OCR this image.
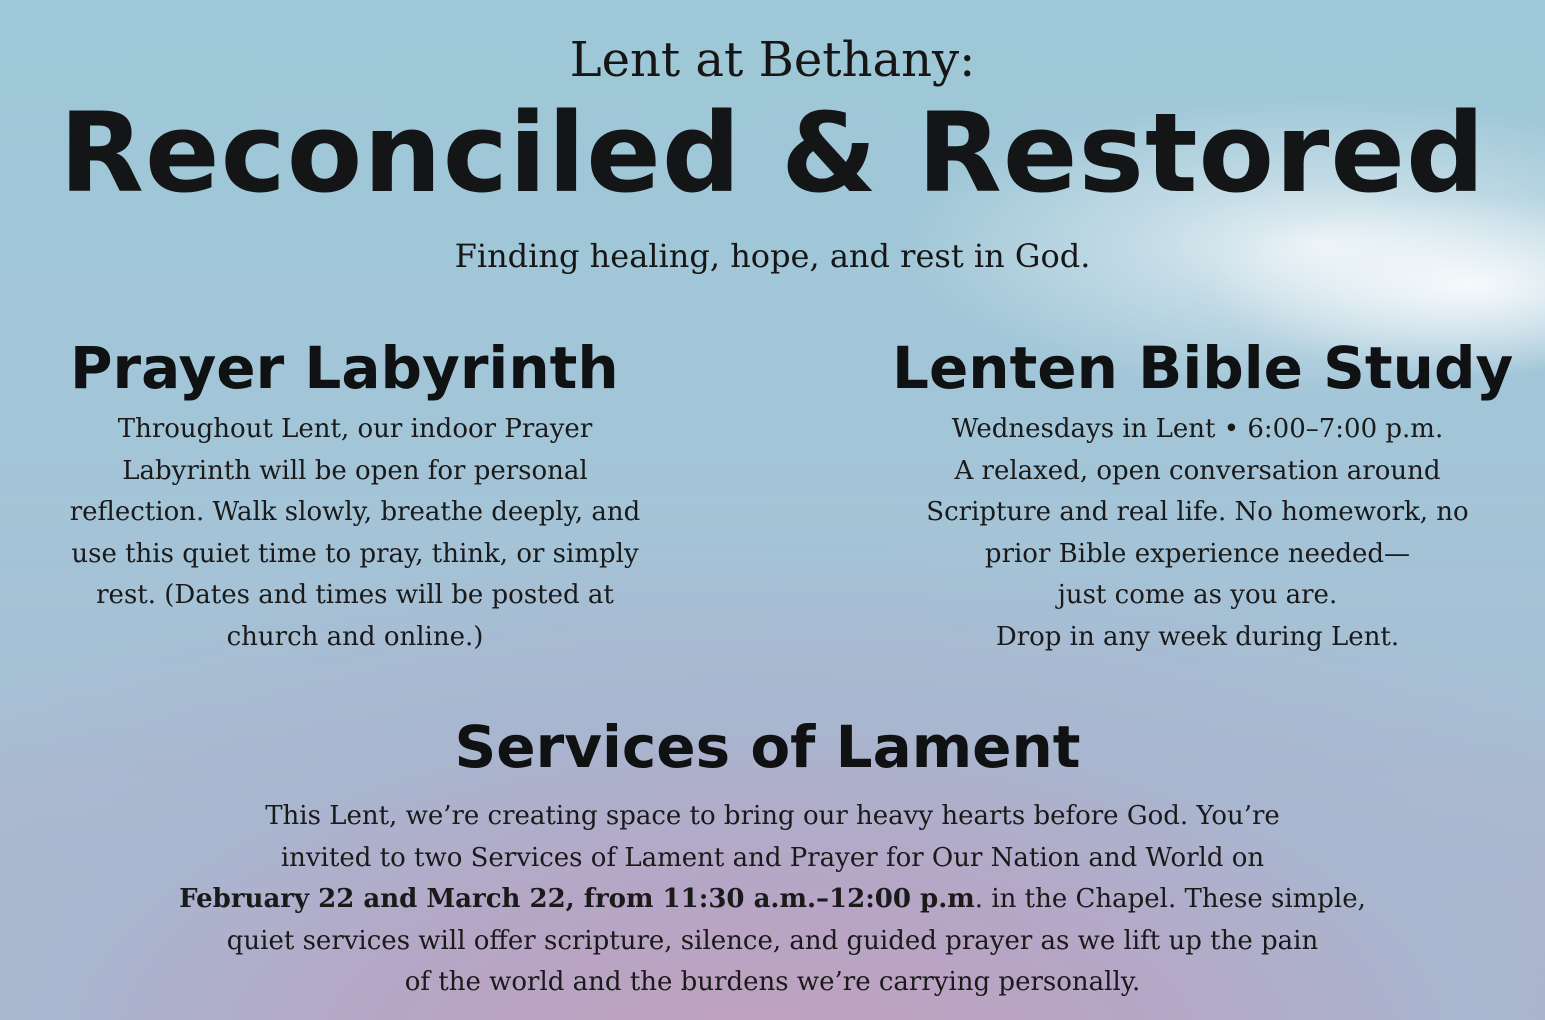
Lent at Bethany:

Reconciled & Restored

Finding healing, hope, and rest in God.

Prayer Labyrinth

Throughout Lent, our indoor Prayer Labyrinth will be open for personal reflection. Walk slowly, breathe deeply, and use this quiet time to pray, think, or simply rest. (Dates and times will be posted at church and online.)

Lenten Bible Study

Wednesdays in Lent • 6:00–7:00 p.m.
A relaxed, open conversation around
Scripture and real life. No homework, no
prior Bible experience needed—
just come as you are.
Drop in any week during Lent.

Services of Lament

This Lent, we’re creating space to bring our heavy hearts before God. You’re
invited to two Services of Lament and Prayer for Our Nation and World on
February 22 and March 22, from 11:30 a.m.–12:00 p.m. in the Chapel. These simple,
quiet services will offer scripture, silence, and guided prayer as we lift up the pain
of the world and the burdens we’re carrying personally.
